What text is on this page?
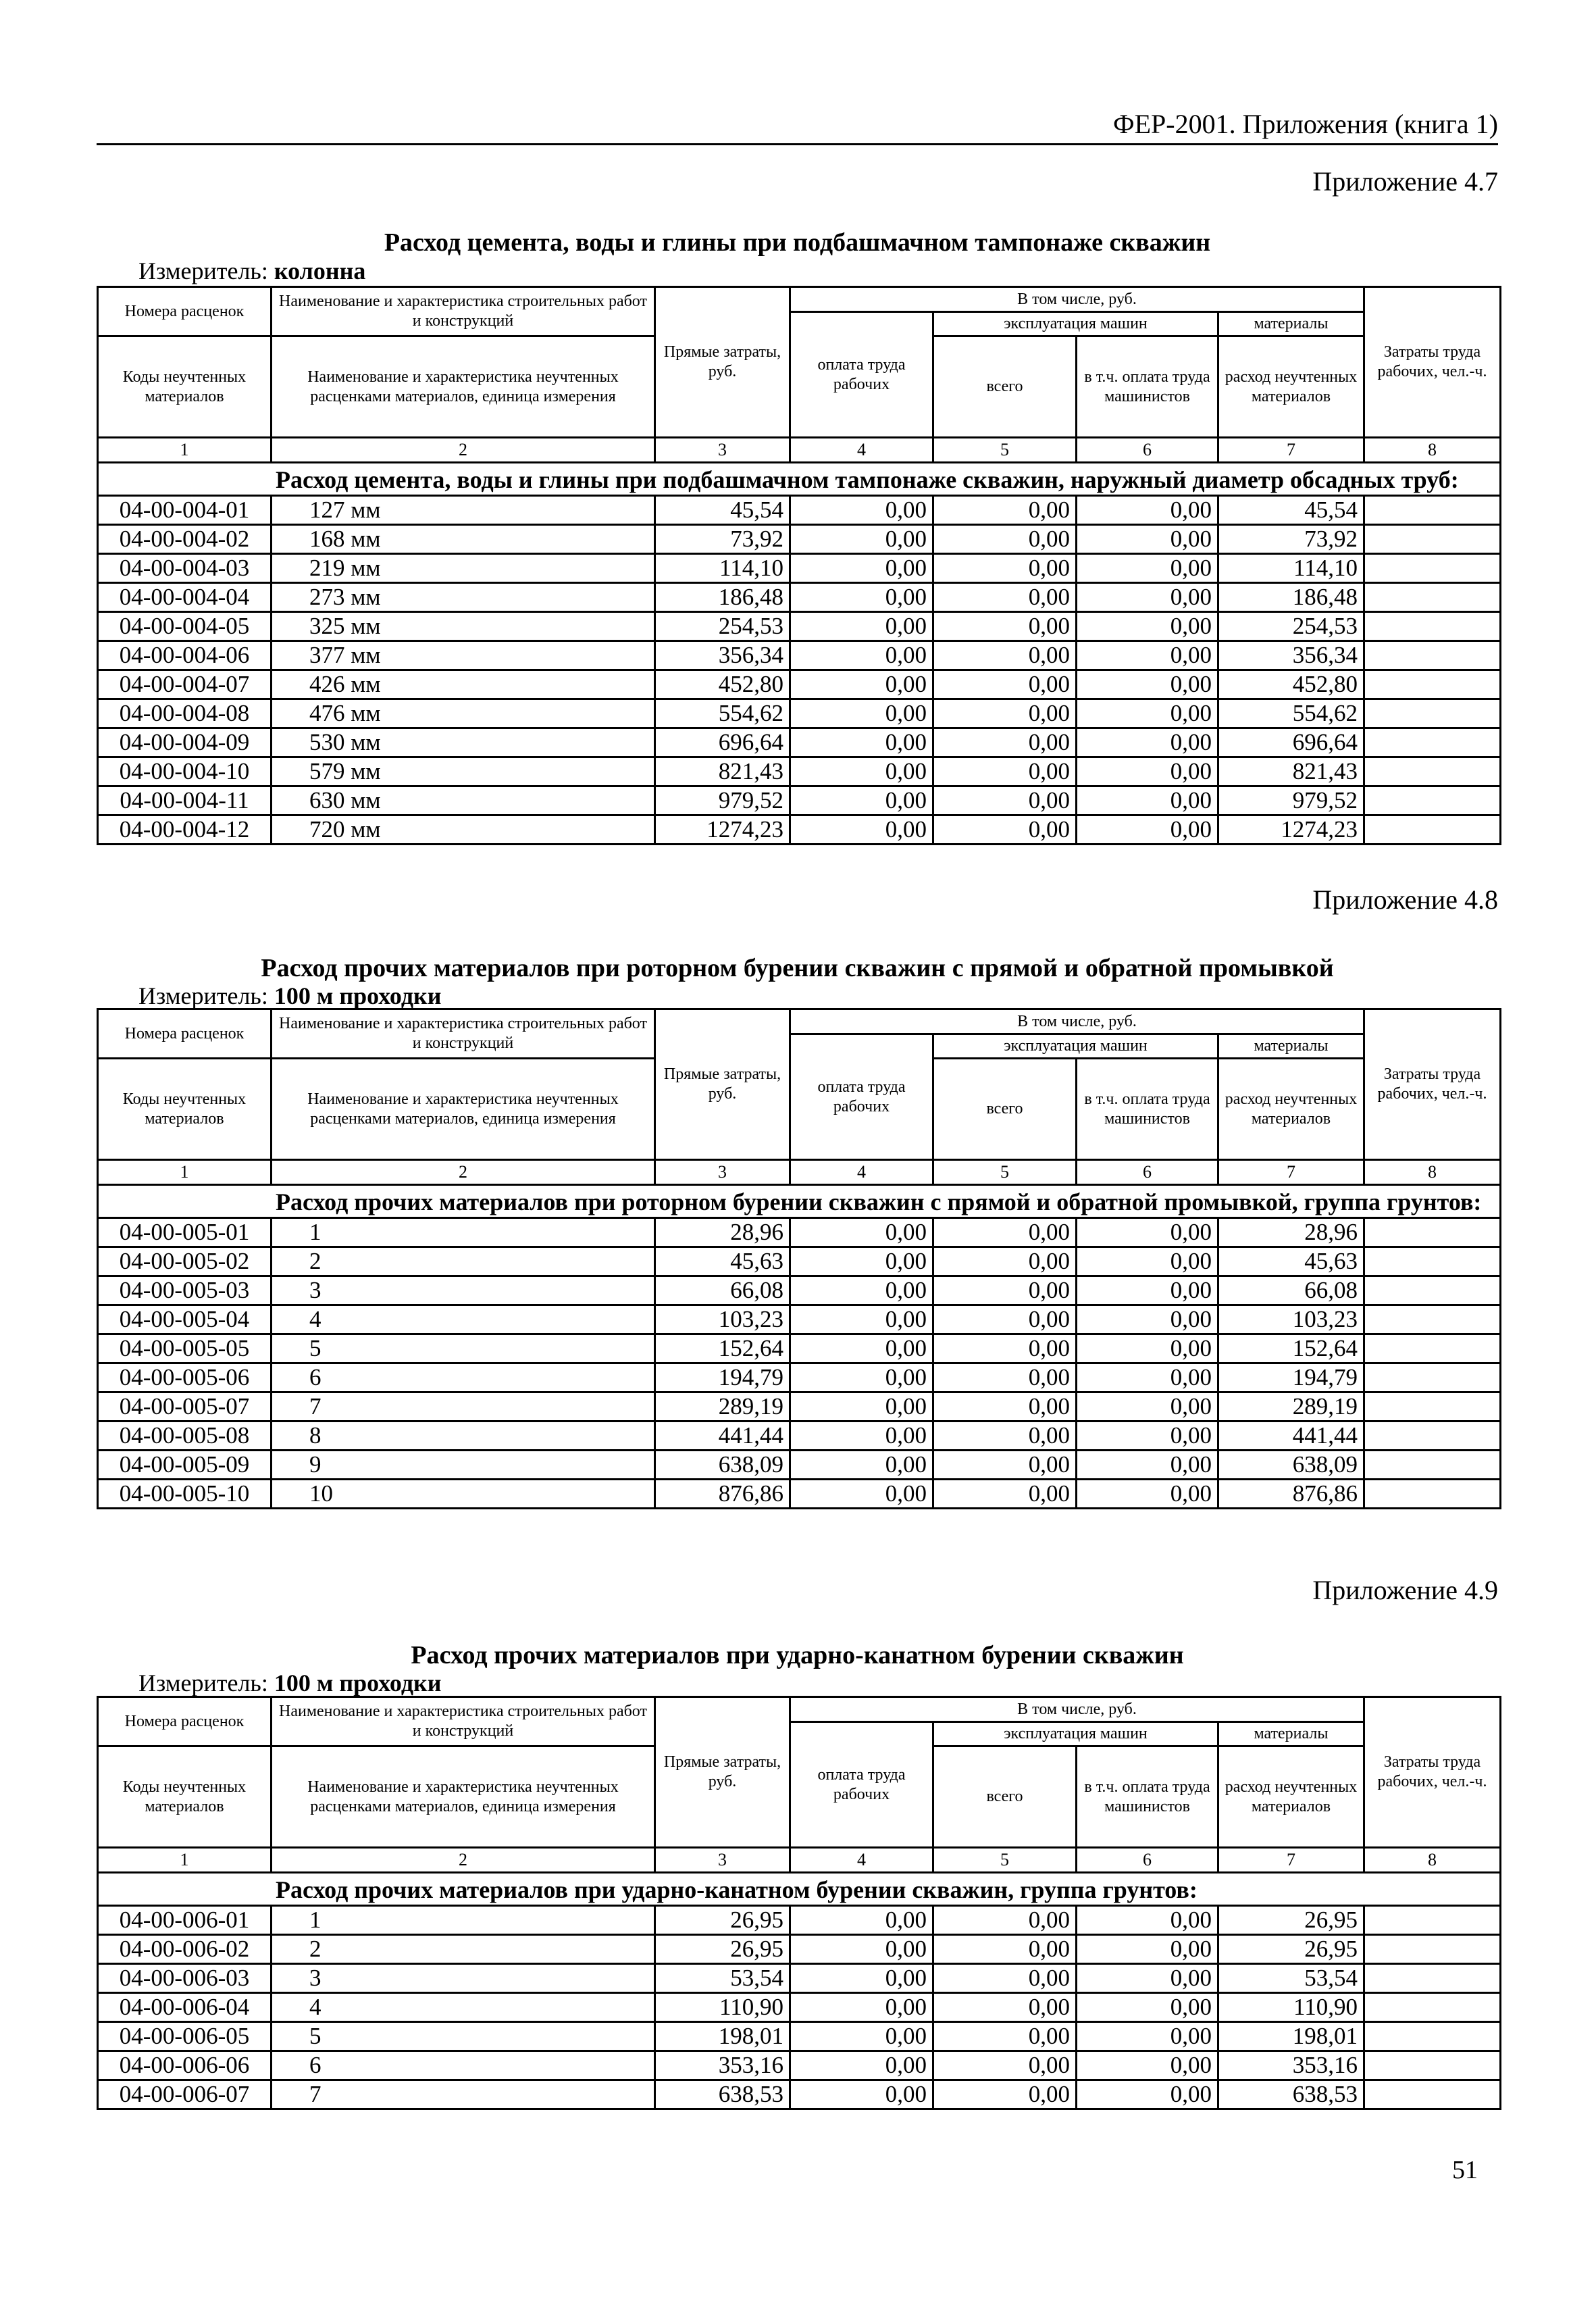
ФЕР-2001. Приложения (книга 1)
Приложение 4.7
Расход цемента, воды и глины при подбашмачном тампонаже скважин
Измеритель: колонна
Номера расценок	Наименование и характеристика строительных работ и конструкций	Прямые затраты, руб.	В том числе, руб.				Затраты труда рабочих, чел.-ч.
			оплата труда рабочих	эксплуатация машин		материалы	
Коды неучтенных материалов	Наименование и характеристика неучтенных расценками материалов, единица измерения			всего	в т.ч. оплата труда машинистов	расход неучтенных материалов	
1	2	3	4	5	6	7	8
Расход цемента, воды и глины при подбашмачном тампонаже скважин, наружный диаметр обсадных труб:							
04-00-004-01	127 мм	45,54	0,00	0,00	0,00	45,54	
04-00-004-02	168 мм	73,92	0,00	0,00	0,00	73,92	
04-00-004-03	219 мм	114,10	0,00	0,00	0,00	114,10	
04-00-004-04	273 мм	186,48	0,00	0,00	0,00	186,48	
04-00-004-05	325 мм	254,53	0,00	0,00	0,00	254,53	
04-00-004-06	377 мм	356,34	0,00	0,00	0,00	356,34	
04-00-004-07	426 мм	452,80	0,00	0,00	0,00	452,80	
04-00-004-08	476 мм	554,62	0,00	0,00	0,00	554,62	
04-00-004-09	530 мм	696,64	0,00	0,00	0,00	696,64	
04-00-004-10	579 мм	821,43	0,00	0,00	0,00	821,43	
04-00-004-11	630 мм	979,52	0,00	0,00	0,00	979,52	
04-00-004-12	720 мм	1274,23	0,00	0,00	0,00	1274,23	
Приложение 4.8
Расход прочих материалов при роторном бурении скважин с прямой и обратной промывкой
Измеритель: 100 м проходки
Номера расценок	Наименование и характеристика строительных работ и конструкций	Прямые затраты, руб.	В том числе, руб.				Затраты труда рабочих, чел.-ч.
			оплата труда рабочих	эксплуатация машин		материалы	
Коды неучтенных материалов	Наименование и характеристика неучтенных расценками материалов, единица измерения			всего	в т.ч. оплата труда машинистов	расход неучтенных материалов	
1	2	3	4	5	6	7	8
Расход прочих материалов при роторном бурении скважин с прямой и обратной промывкой, группа грунтов:							
04-00-005-01	1	28,96	0,00	0,00	0,00	28,96	
04-00-005-02	2	45,63	0,00	0,00	0,00	45,63	
04-00-005-03	3	66,08	0,00	0,00	0,00	66,08	
04-00-005-04	4	103,23	0,00	0,00	0,00	103,23	
04-00-005-05	5	152,64	0,00	0,00	0,00	152,64	
04-00-005-06	6	194,79	0,00	0,00	0,00	194,79	
04-00-005-07	7	289,19	0,00	0,00	0,00	289,19	
04-00-005-08	8	441,44	0,00	0,00	0,00	441,44	
04-00-005-09	9	638,09	0,00	0,00	0,00	638,09	
04-00-005-10	10	876,86	0,00	0,00	0,00	876,86	
Приложение 4.9
Расход прочих материалов при ударно-канатном бурении скважин
Измеритель: 100 м проходки
Номера расценок	Наименование и характеристика строительных работ и конструкций	Прямые затраты, руб.	В том числе, руб.				Затраты труда рабочих, чел.-ч.
			оплата труда рабочих	эксплуатация машин		материалы	
Коды неучтенных материалов	Наименование и характеристика неучтенных расценками материалов, единица измерения			всего	в т.ч. оплата труда машинистов	расход неучтенных материалов	
1	2	3	4	5	6	7	8
Расход прочих материалов при ударно-канатном бурении скважин, группа грунтов:							
04-00-006-01	1	26,95	0,00	0,00	0,00	26,95	
04-00-006-02	2	26,95	0,00	0,00	0,00	26,95	
04-00-006-03	3	53,54	0,00	0,00	0,00	53,54	
04-00-006-04	4	110,90	0,00	0,00	0,00	110,90	
04-00-006-05	5	198,01	0,00	0,00	0,00	198,01	
04-00-006-06	6	353,16	0,00	0,00	0,00	353,16	
04-00-006-07	7	638,53	0,00	0,00	0,00	638,53	
51
